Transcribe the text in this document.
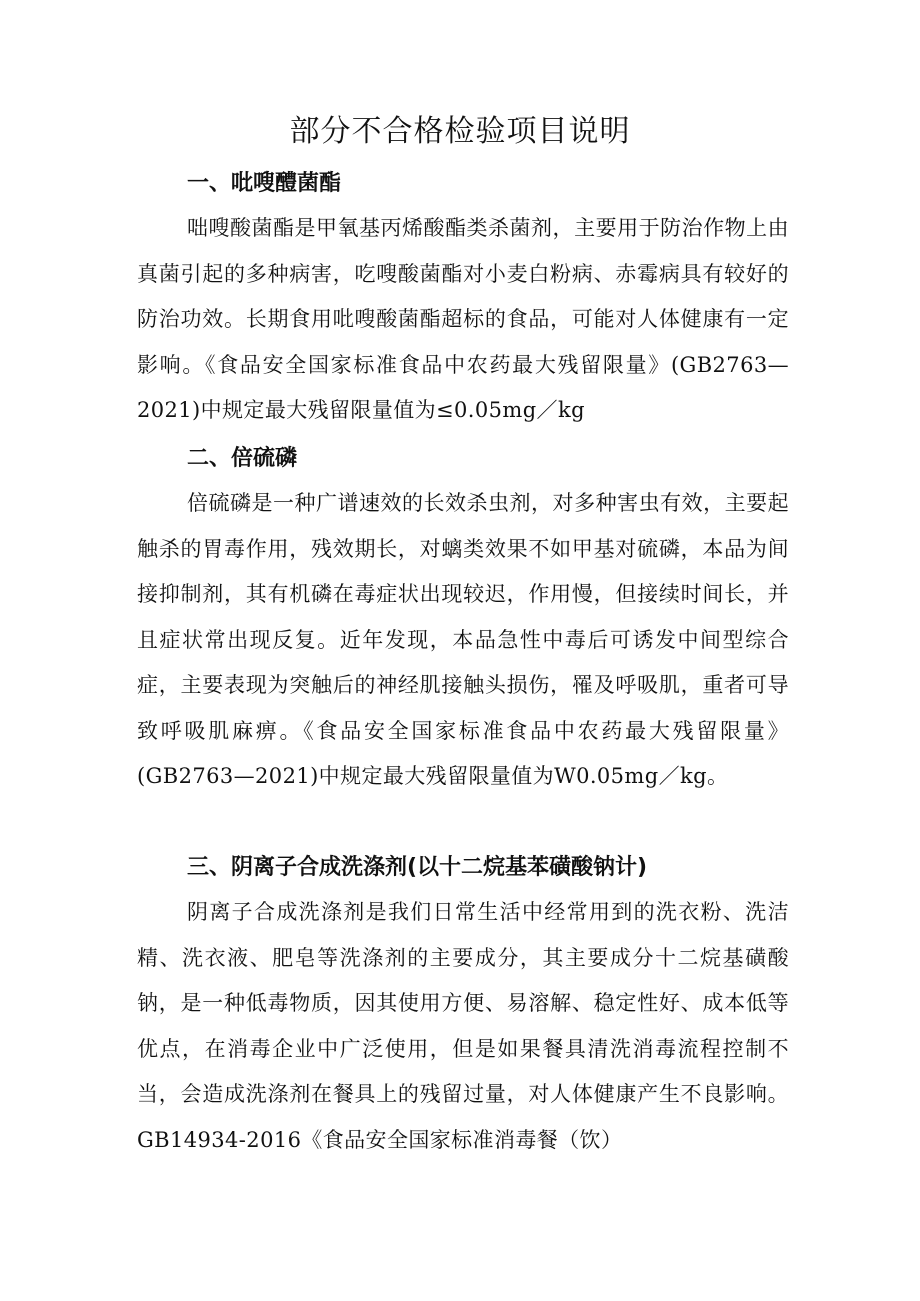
部分不合格检验项目说明
一、吡嗖醴菌酯

咄嗖酸菌酯是甲氧基丙烯酸酯类杀菌剂，主要用于防治作物上由真菌引起的多种病害，吃嗖酸菌酯对小麦白粉病、赤霉病具有较好的防治功效。长期食用吡嗖酸菌酯超标的食品，可能对人体健康有一定影响。《食品安全国家标准食品中农药最大残留限量》(GB2763—2021)中规定最大残留限量值为≤0.05mg／kg

二、倍硫磷

倍硫磷是一种广谱速效的长效杀虫剂，对多种害虫有效，主要起触杀的胃毒作用，残效期长，对螭类效果不如甲基对硫磷，本品为间接抑制剂，其有机磷在毒症状出现较迟，作用慢，但接续时间长，并且症状常出现反复。近年发现，本品急性中毒后可诱发中间型综合症，主要表现为突触后的神经肌接触头损伤，罹及呼吸肌，重者可导致呼吸肌麻痹。《食品安全国家标准食品中农药最大残留限量》(GB2763—2021)中规定最大残留限量值为W0.05mg／kg。

三、阴离子合成洗涤剂(以十二烷基苯磺酸钠计)

阴离子合成洗涤剂是我们日常生活中经常用到的洗衣粉、洗洁精、洗衣液、肥皂等洗涤剂的主要成分，其主要成分十二烷基磺酸钠，是一种低毒物质，因其使用方便、易溶解、稳定性好、成本低等优点，在消毒企业中广泛使用，但是如果餐具清洗消毒流程控制不当，会造成洗涤剂在餐具上的残留过量，对人体健康产生不良影响。GB14934-2016《食品安全国家标准消毒餐（饮）
